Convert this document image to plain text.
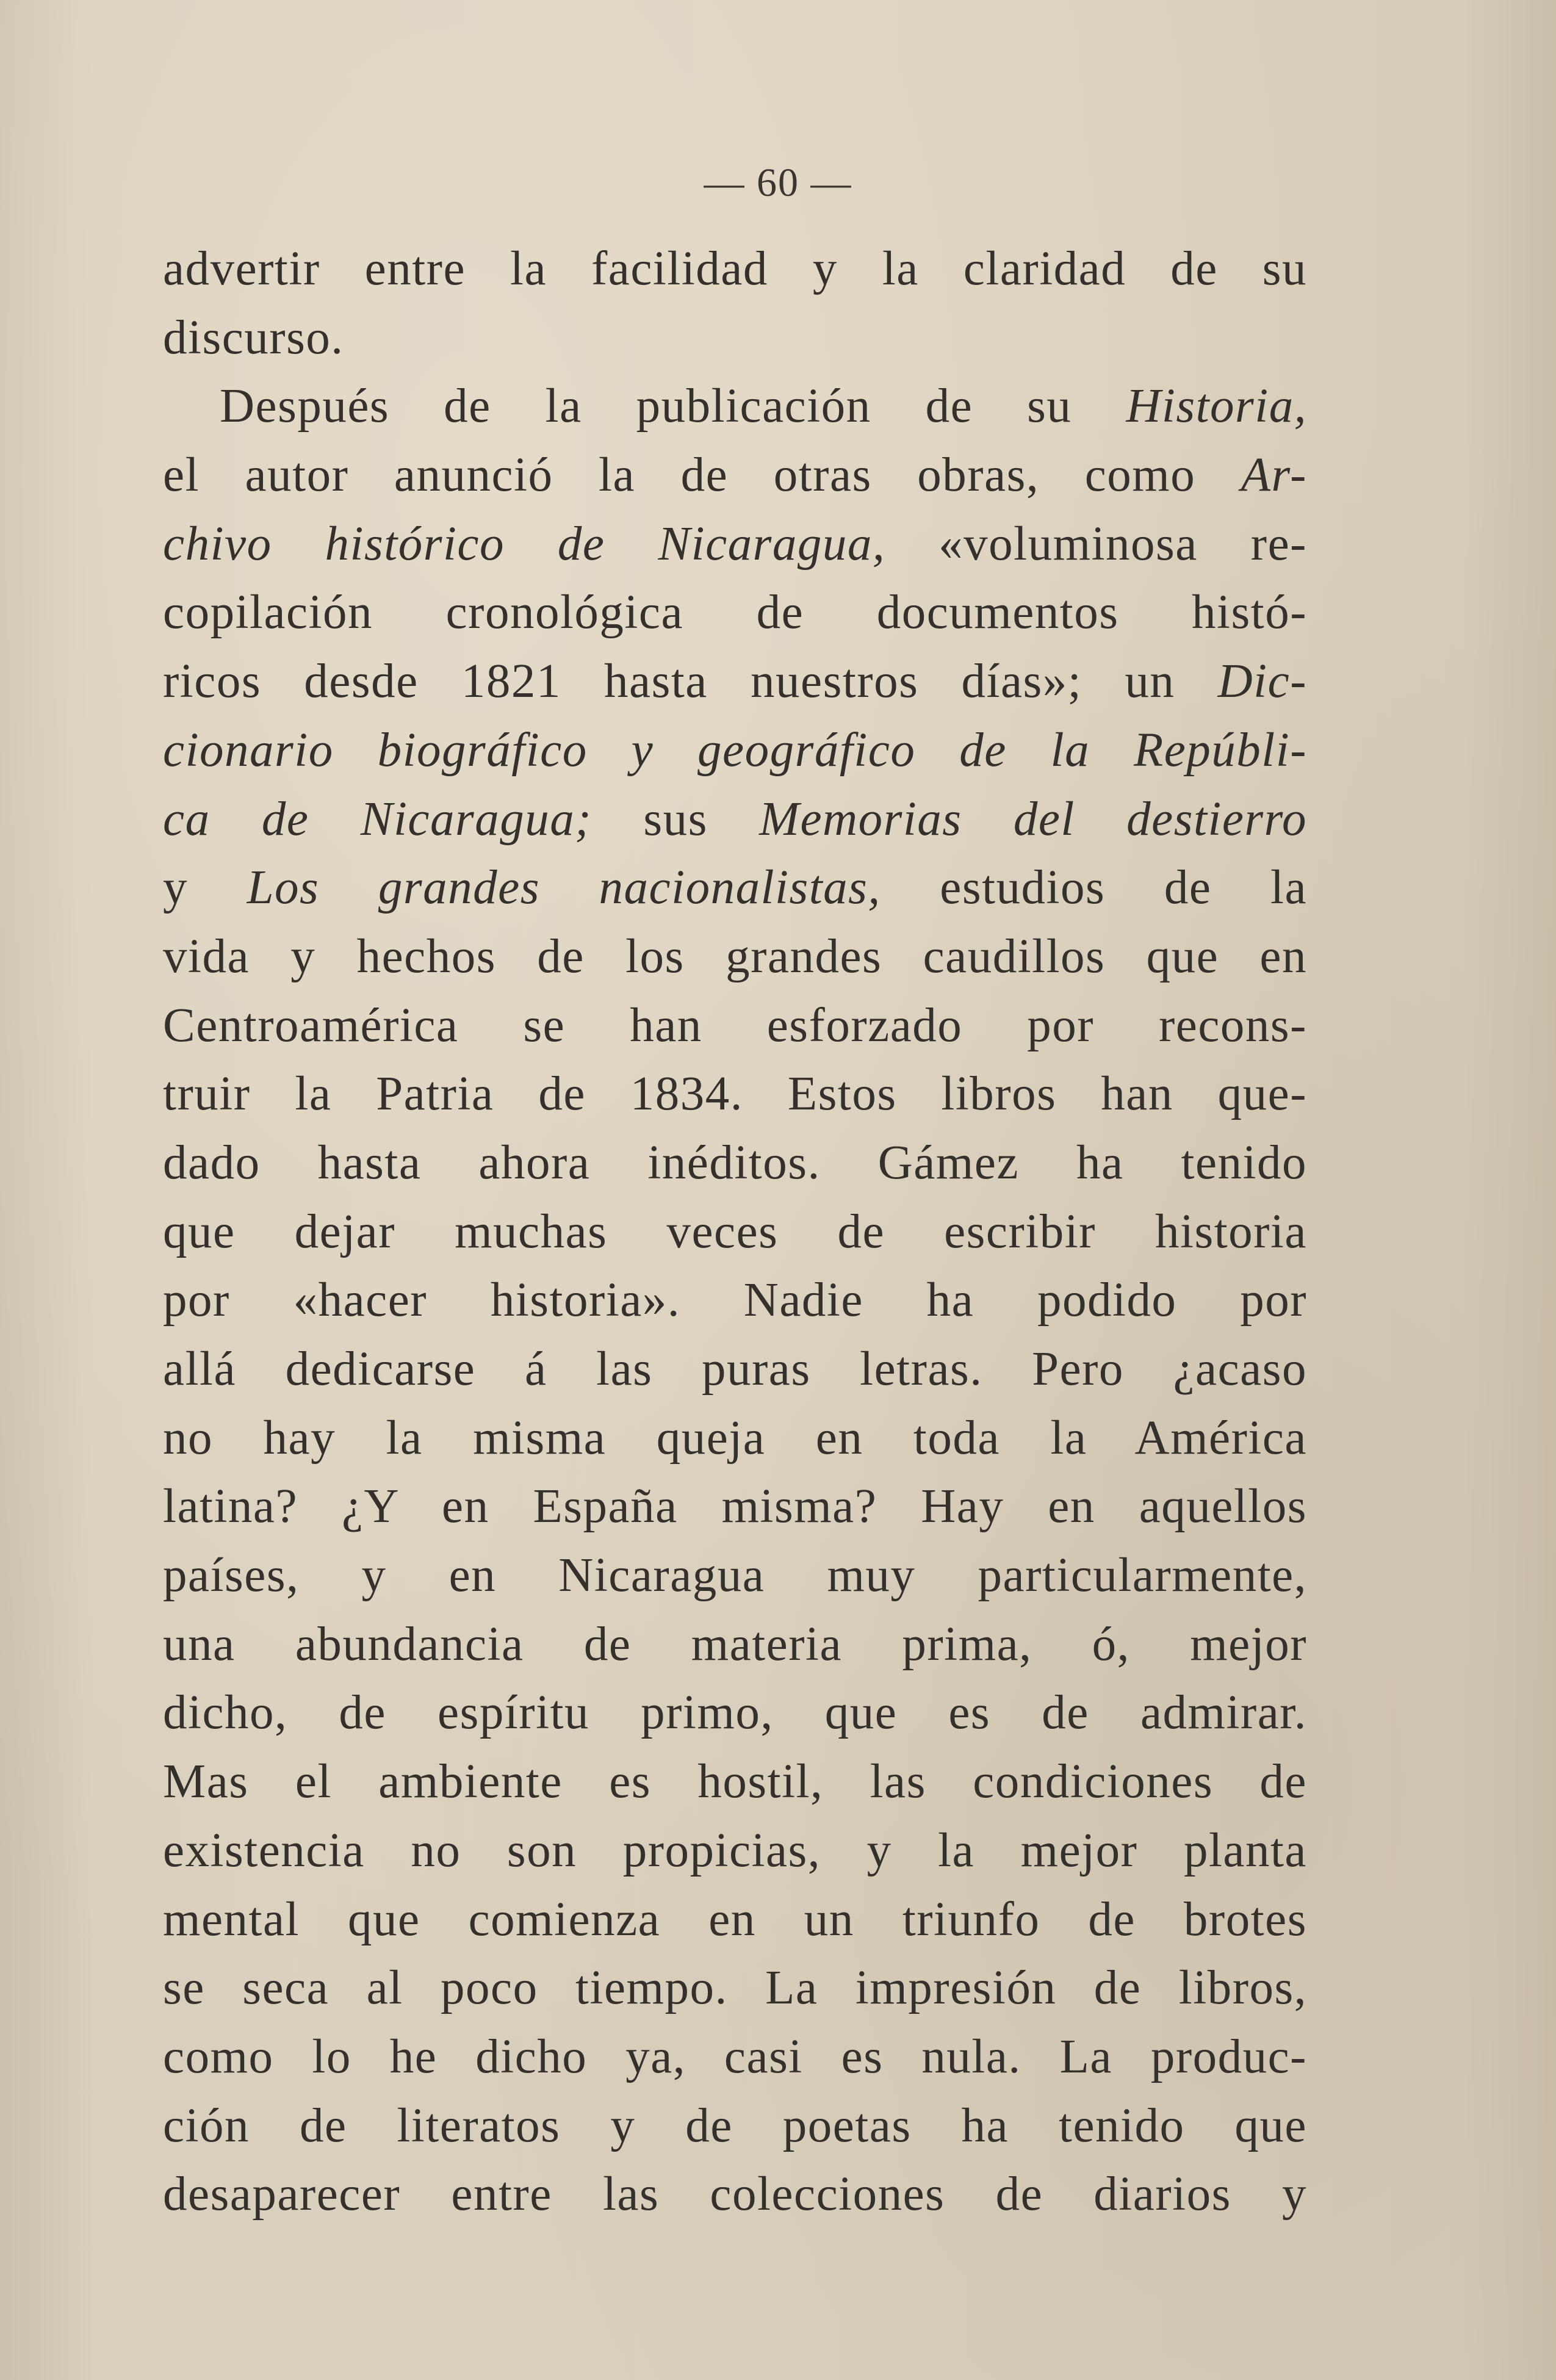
— 60 —
advertir entre la facilidad y la claridad de su
discurso.
Después de la publicación de su Historia,
el autor anunció la de otras obras, como Ar-
chivo histórico de Nicaragua, «voluminosa re-
copilación cronológica de documentos histó-
ricos desde 1821 hasta nuestros días»; un Dic-
cionario biográfico y geográfico de la Repúbli-
ca de Nicaragua; sus Memorias del destierro
y Los grandes nacionalistas, estudios de la
vida y hechos de los grandes caudillos que en
Centroamérica se han esforzado por recons-
truir la Patria de 1834. Estos libros han que-
dado hasta ahora inéditos. Gámez ha tenido
que dejar muchas veces de escribir historia
por «hacer historia». Nadie ha podido por
allá dedicarse á las puras letras. Pero ¿acaso
no hay la misma queja en toda la América
latina? ¿Y en España misma? Hay en aquellos
países, y en Nicaragua muy particularmente,
una abundancia de materia prima, ó, mejor
dicho, de espíritu primo, que es de admirar.
Mas el ambiente es hostil, las condiciones de
existencia no son propicias, y la mejor planta
mental que comienza en un triunfo de brotes
se seca al poco tiempo. La impresión de libros,
como lo he dicho ya, casi es nula. La produc-
ción de literatos y de poetas ha tenido que
desaparecer entre las colecciones de diarios y
